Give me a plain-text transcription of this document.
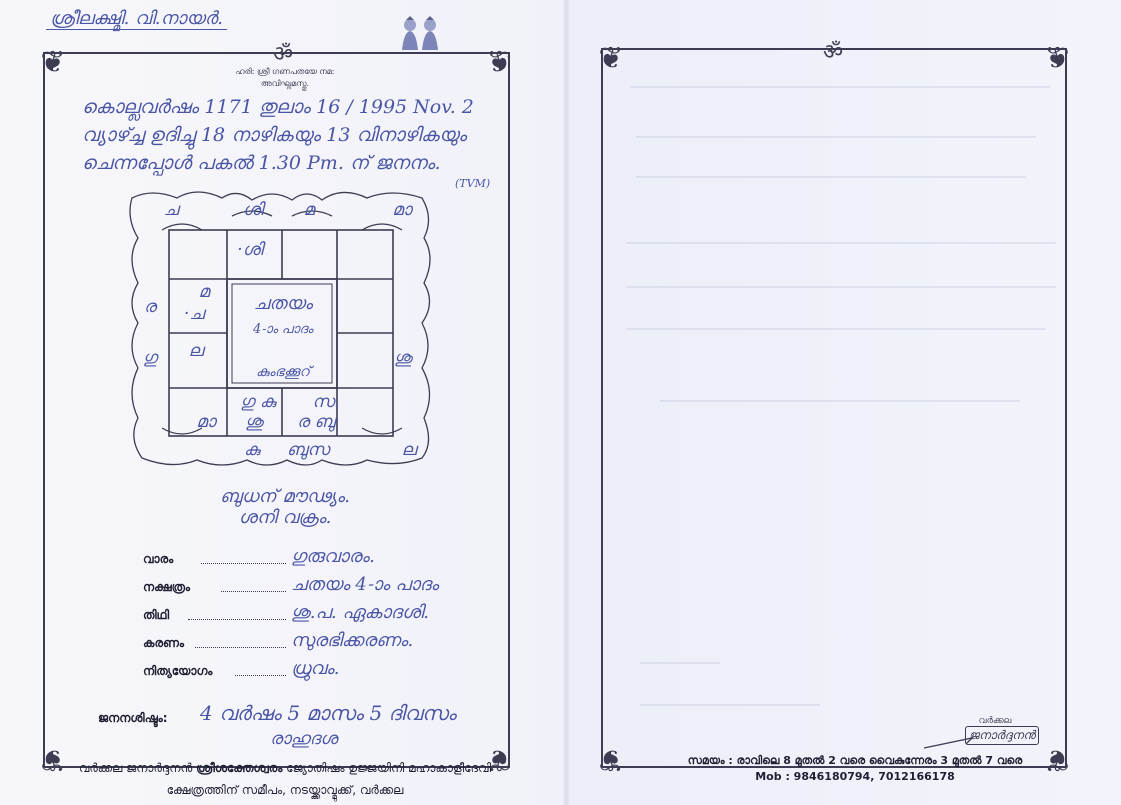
❦	❦
❦	❦
ശ്രീലക്ഷ്മി. വി.നായർ.
ॐ
ഹരി: ശ്രീ ഗണപതയേ നമ:
അവിഘ്നമസ്തു.
കൊല്ലവർഷം 1171 തുലാം 16 / 1995 Nov. 2
വ്യാഴ്ച്ച ഉദിച്ചു 18 നാഴികയും 13 വിനാഴികയും
ചെന്നപ്പോൾ പകൽ 1.30 Pm. ന് ജനനം.
(TVM)
ച	ശി	മ	മാ
ര
ഗു	ശു
കു	ബുസ	ല
·ശി
മ
·ച
ല
മാ
ഗു കു
ശു
സ.
ര ബു
ചതയം
4-ാം പാദം
കുംഭക്കൂറ്
ബുധന് മൗഢ്യം.
ശനി വക്രം.
വാരം	ഗുരുവാരം.
നക്ഷത്രം	ചതയം 4-ാം പാദം
തിഥി	ശു.പ. ഏകാദശി.
കരണം	സുരഭിക്കരണം.
നിത്യയോഗം	ധ്രുവം.
ജനനശിഷ്ടം: 4 വർഷം 5 മാസം 5 ദിവസം
രാഹുദശ
വർക്കല ജനാർദ്ദനൻ ശ്രീശക്തേശ്വരം ജ്യോതിഷം ഉജ്ജയിനി മഹാകാളീദേവി
ക്ഷേത്രത്തിന് സമീപം, നടയ്ക്കാവ്മുക്ക്, വർക്കല
❦	❦
❦	❦
ॐ
വർക്കല
ജനാർദ്ദനൻ
സമയം : രാവിലെ 8 മുതൽ 2 വരെ വൈകുന്നേരം 3 മുതൽ 7 വരെ
Mob : 9846180794, 7012166178
